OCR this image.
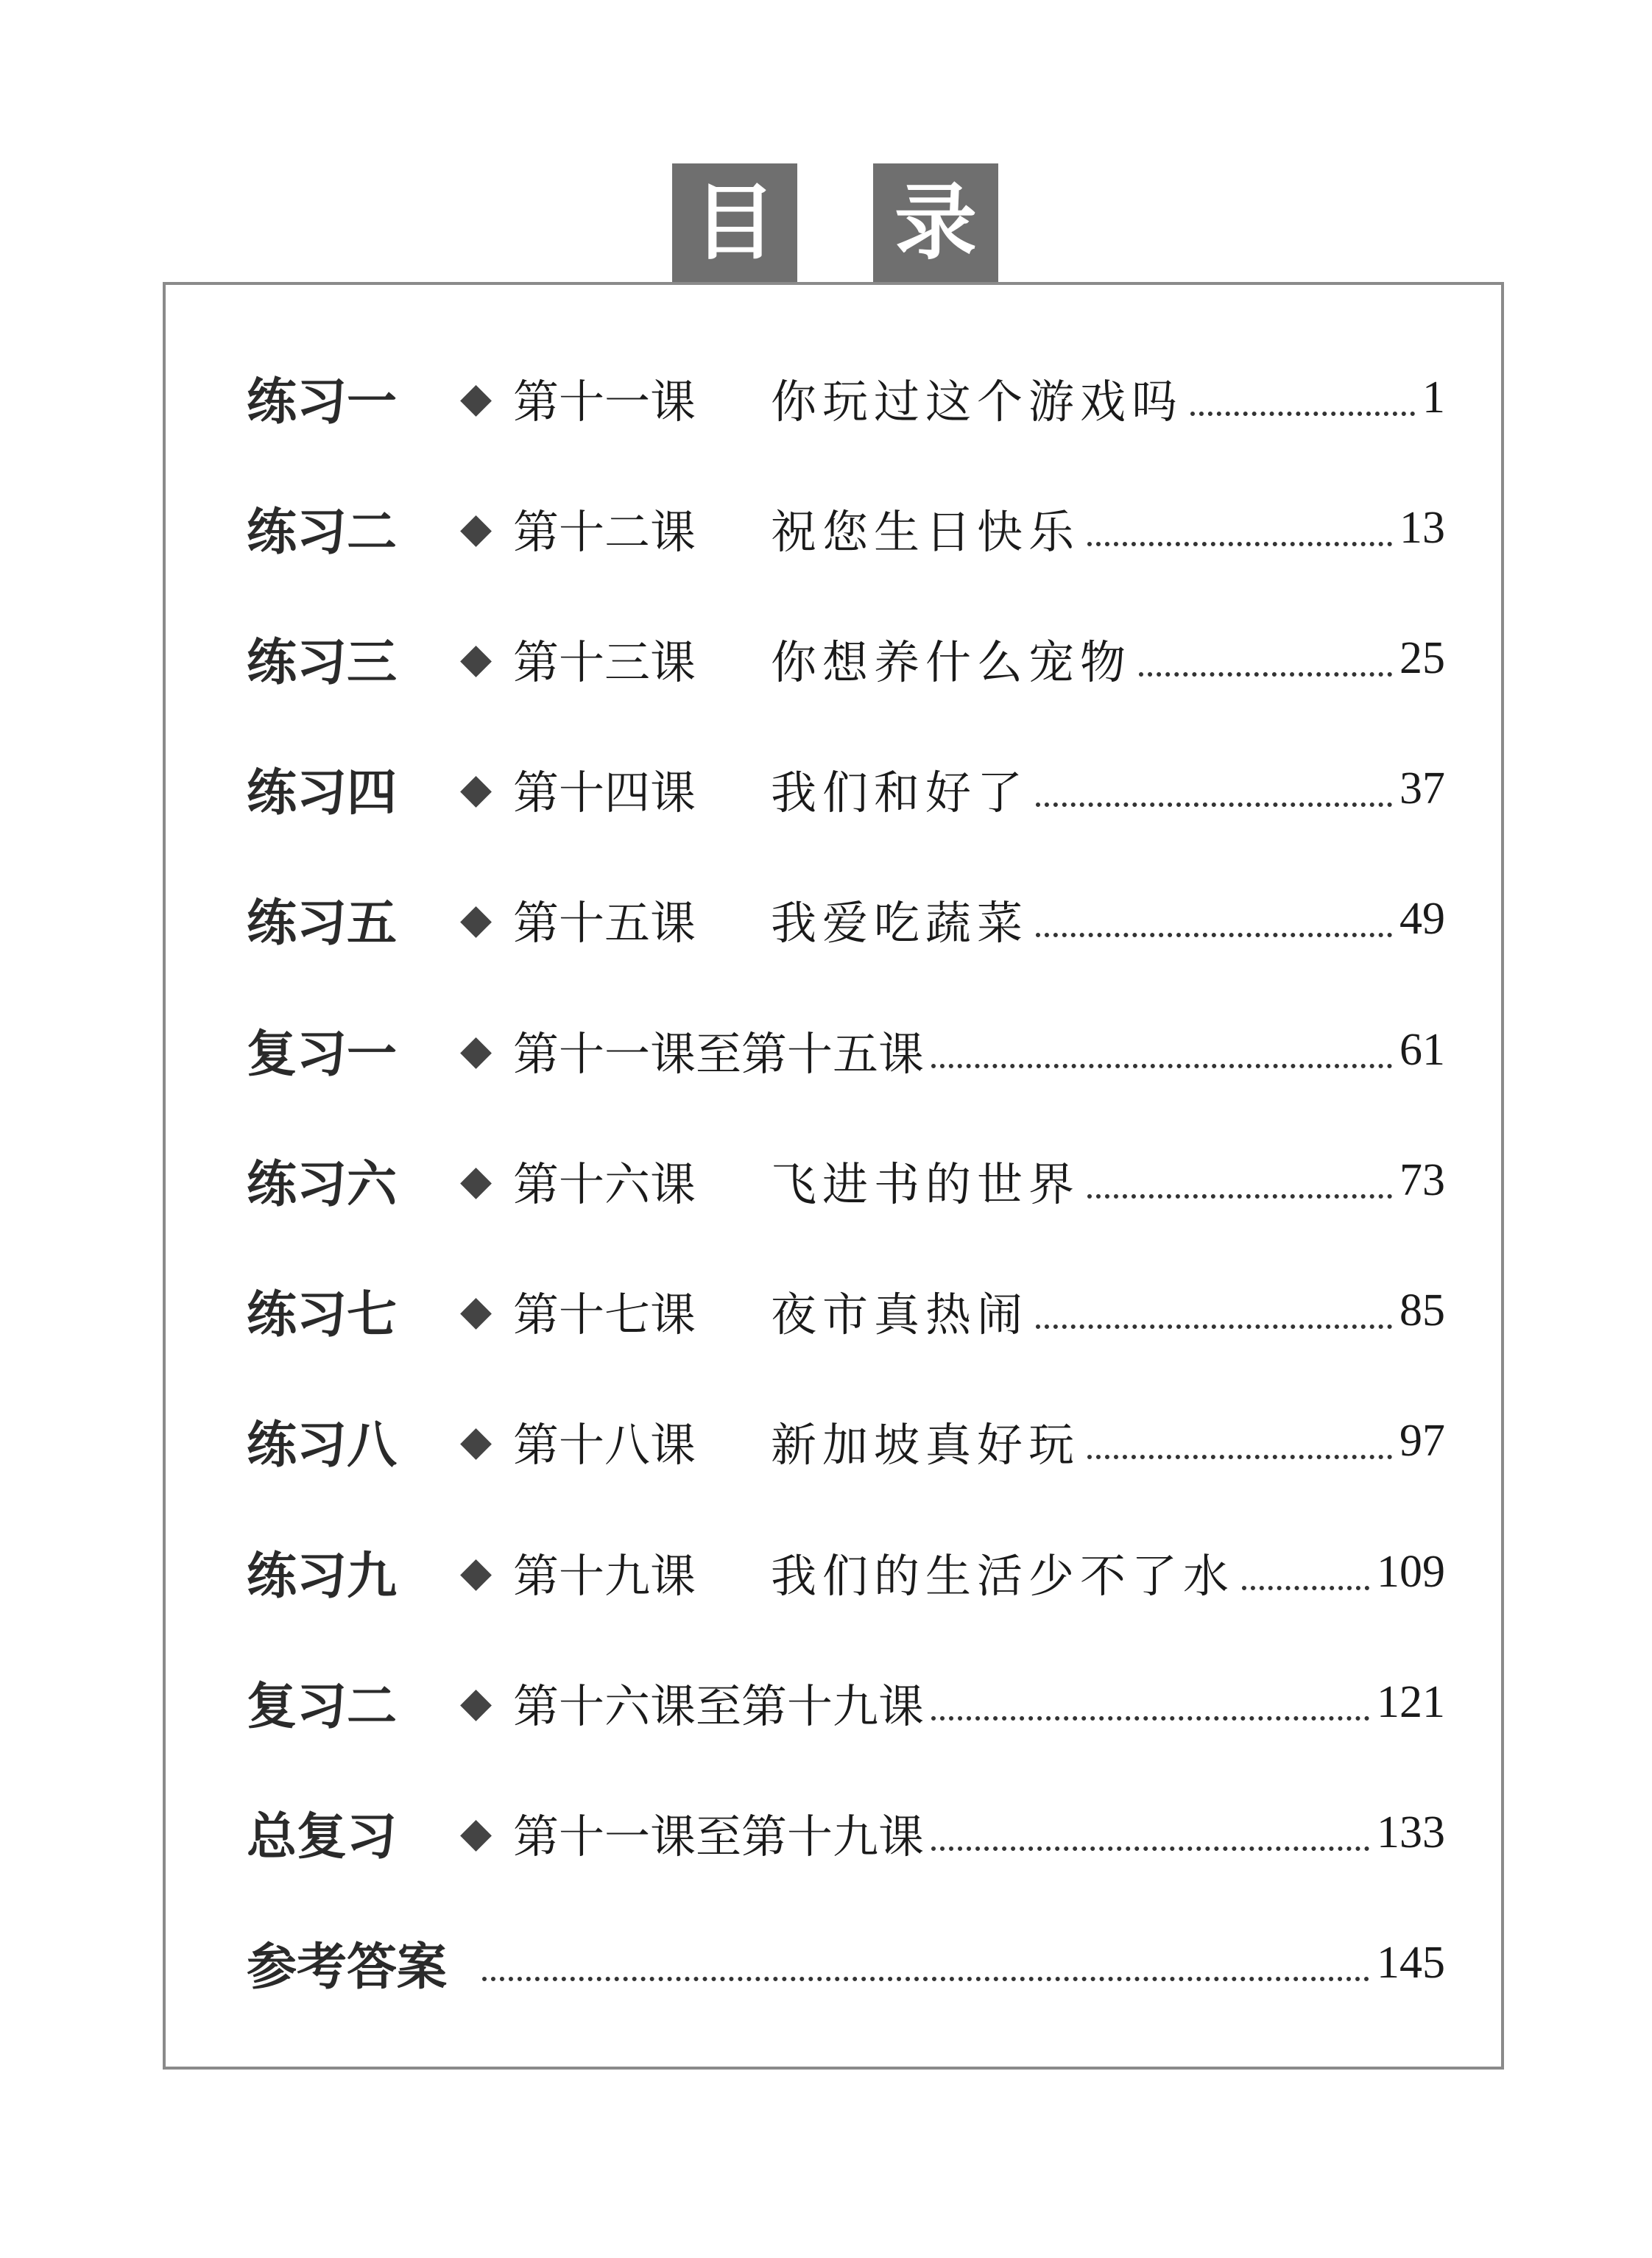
目 录
练习一	◆ 第十一课	你玩过这个游戏吗	1
练习二	◆ 第十二课	祝您生日快乐	13
练习三	◆ 第十三课	你想养什么宠物	25
练习四	◆ 第十四课	我们和好了	37
练习五	◆ 第十五课	我爱吃蔬菜	49
复习一	◆ 第十一课至第十五课	61
练习六	◆ 第十六课	飞进书的世界	73
练习七	◆ 第十七课	夜市真热闹	85
练习八	◆ 第十八课	新加坡真好玩	97
练习九	◆ 第十九课	我们的生活少不了水	109
复习二	◆ 第十六课至第十九课	121
总复习	◆ 第十一课至第十九课	133
参考答案	145
